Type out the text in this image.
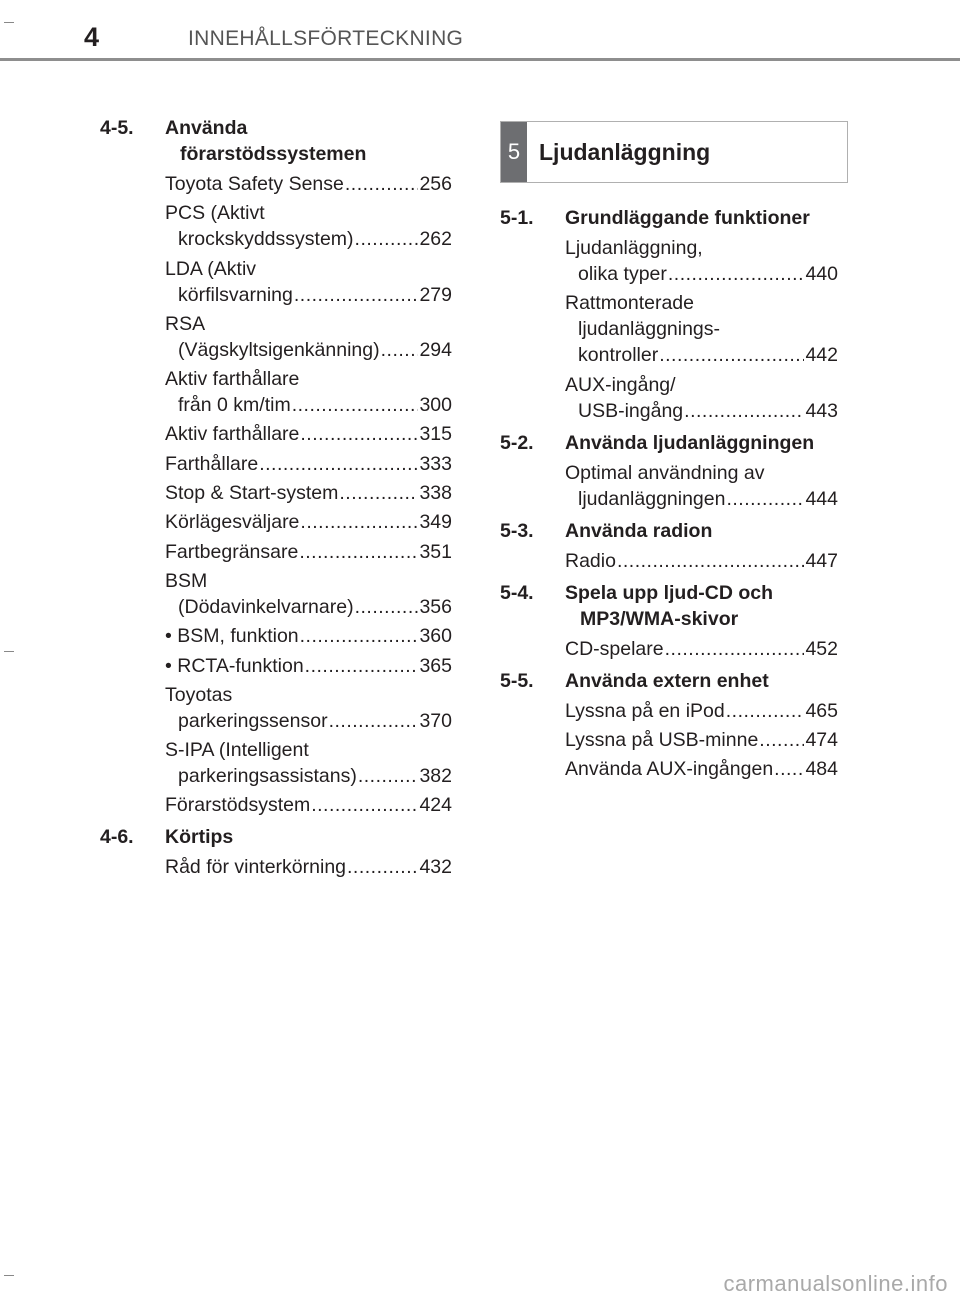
4	INNEHÅLLSFÖRTECKNING
4-5.	Använda
förarstödssystemen
Toyota Safety Sense .....	256
PCS (Aktivt
krockskyddssystem) .....	262
LDA (Aktiv
körfilsvarning .....	279
RSA
(Vägskyltsigenkänning) ..... 294
Aktiv farthållare
från 0 km/tim .....	300
Aktiv farthållare .....	315
Farthållare .....	333
Stop & Start-system .....	338
Körlägesväljare .....	349
Fartbegränsare .....	351
BSM
(Dödavinkelvarnare) .....	356
• BSM, funktion .....	360
• RCTA-funktion .....	365
Toyotas
parkeringssensor .....	370
S-IPA (Intelligent
parkeringsassistans) .....	382
Förarstödsystem .....	424
4-6.	Körtips
Råd för vinterkörning .....	432
5 Ljudanläggning
5-1.	Grundläggande funktioner
Ljudanläggning,
olika typer .....	440
Rattmonterade
ljudanläggnings-
kontroller .....	442
AUX-ingång/
USB-ingång .....	443
5-2.	Använda ljudanläggningen
Optimal användning av
ljudanläggningen .....	444
5-3.	Använda radion
Radio .....	447
5-4.	Spela upp ljud-CD och
MP3/WMA-skivor
CD-spelare .....	452
5-5.	Använda extern enhet
Lyssna på en iPod .....	465
Lyssna på USB-minne ..... 474
Använda AUX-ingången ..... 484
carmanualsonline.info
